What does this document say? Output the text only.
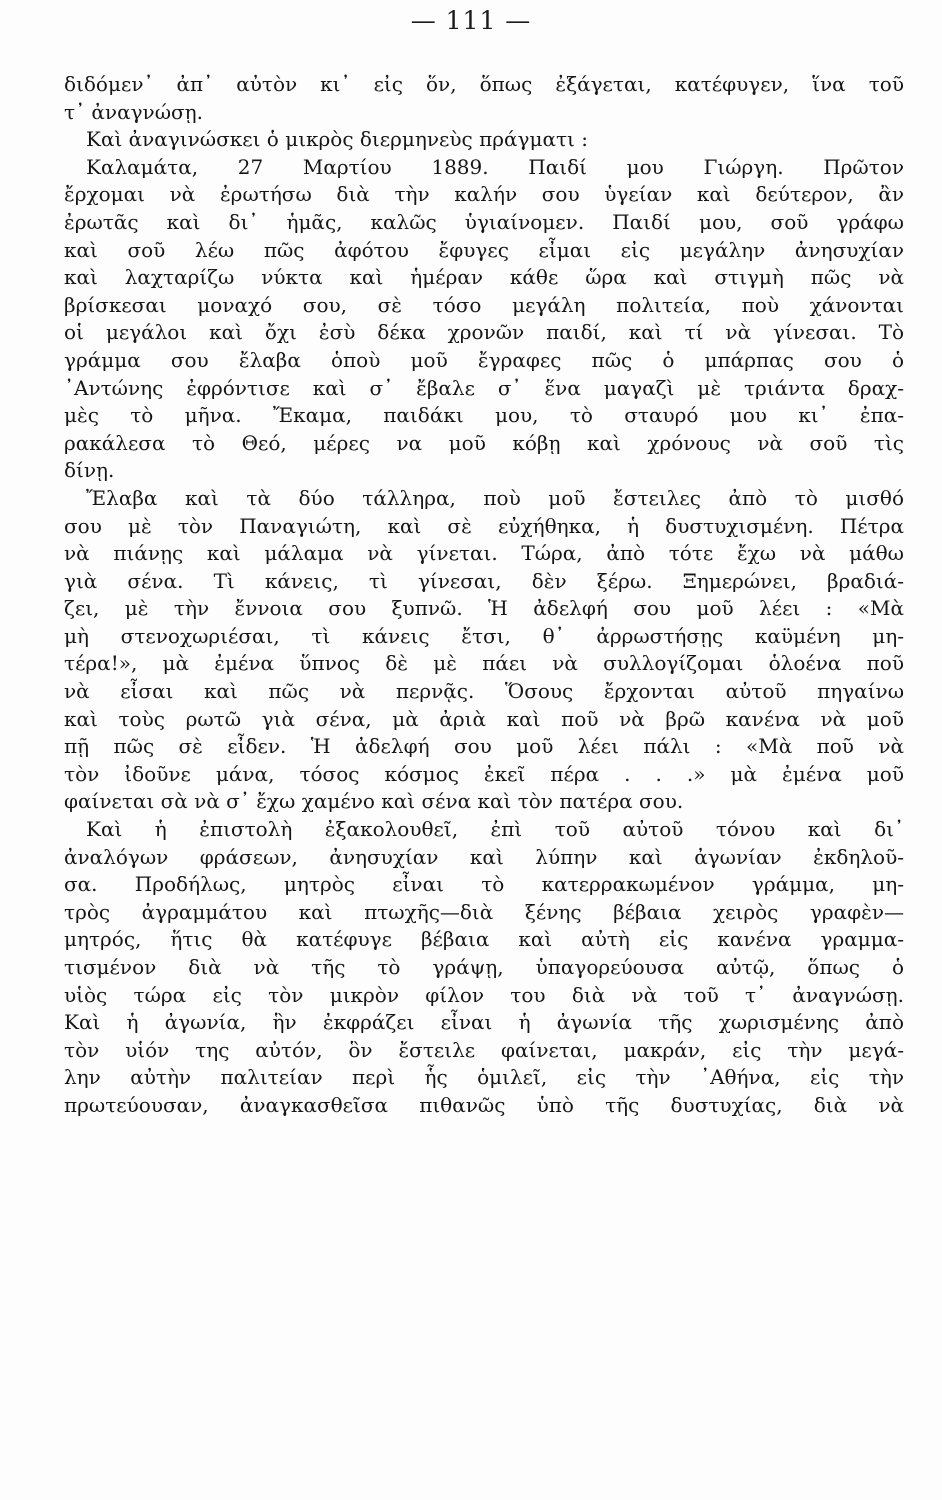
— 111 —
διδόμεν᾽ ἀπ᾽ αὐτὸν κι᾽ εἰς ὅν, ὅπως ἐξάγεται, κατέφυγεν, ἵνα τοῦ
τ᾽ ἀναγνώσῃ.
Καὶ ἀναγινώσκει ὁ μικρὸς διερμηνεὺς πράγματι :
Καλαμάτα, 27 Μαρτίου 1889. Παιδί μου Γιώργη. Πρῶτον
ἔρχομαι νὰ ἐρωτήσω διὰ τὴν καλήν σου ὑγείαν καὶ δεύτερον, ἂν
ἐρωτᾶς καὶ δι᾽ ἡμᾶς, καλῶς ὑγιαίνομεν. Παιδί μου, σοῦ γράφω
καὶ σοῦ λέω πῶς ἀφότου ἔφυγες εἶμαι εἰς μεγάλην ἀνησυχίαν
καὶ λαχταρίζω νύκτα καὶ ἡμέραν κάθε ὥρα καὶ στιγμὴ πῶς νὰ
βρίσκεσαι μοναχό σου, σὲ τόσο μεγάλη πολιτεία, ποὺ χάνονται
οἱ μεγάλοι καὶ ὄχι ἐσὺ δέκα χρονῶν παιδί, καὶ τί νὰ γίνεσαι. Τὸ
γράμμα σου ἔλαβα ὁποὺ μοῦ ἔγραφες πῶς ὁ μπάρπας σου ὁ
᾿Αντώνης ἐφρόντισε καὶ σ᾽ ἔβαλε σ᾽ ἕνα μαγαζὶ μὲ τριάντα δραχ-
μὲς τὸ μῆνα. Ἔκαμα, παιδάκι μου, τὸ σταυρό μου κι᾽ ἐπα-
ρακάλεσα τὸ Θεό, μέρες να μοῦ κόβῃ καὶ χρόνους νὰ σοῦ τὶς
δίνῃ.
Ἔλαβα καὶ τὰ δύο τάλληρα, ποὺ μοῦ ἔστειλες ἀπὸ τὸ μισθό
σου μὲ τὸν Παναγιώτη, καὶ σὲ εὐχήθηκα, ἡ δυστυχισμένη. Πέτρα
νὰ πιάνῃς καὶ μάλαμα νὰ γίνεται. Τώρα, ἀπὸ τότε ἔχω νὰ μάθω
γιὰ σένα. Τὶ κάνεις, τὶ γίνεσαι, δὲν ξέρω. Ξημερώνει, βραδιά-
ζει, μὲ τὴν ἔννοια σου ξυπνῶ. Ἡ ἀδελφή σου μοῦ λέει : «Μὰ
μὴ στενοχωριέσαι, τὶ κάνεις ἔτσι, θ᾽ ἀρρωστήσῃς καϋμένη μη-
τέρα!», μὰ ἐμένα ὕπνος δὲ μὲ πάει νὰ συλλογίζομαι ὁλοένα ποῦ
νὰ εἶσαι καὶ πῶς νὰ περνᾷς. Ὅσους ἔρχονται αὐτοῦ πηγαίνω
καὶ τοὺς ρωτῶ γιὰ σένα, μὰ ἀριὰ καὶ ποῦ νὰ βρῶ κανένα νὰ μοῦ
πῇ πῶς σὲ εἶδεν. Ἡ ἀδελφή σου μοῦ λέει πάλι : «Μὰ ποῦ νὰ
τὸν ἰδοῦνε μάνα, τόσος κόσμος ἐκεῖ πέρα . . .» μὰ ἐμένα μοῦ
φαίνεται σὰ νὰ σ᾽ ἔχω χαμένο καὶ σένα καὶ τὸν πατέρα σου.
Καὶ ἡ ἐπιστολὴ ἐξακολουθεῖ, ἐπὶ τοῦ αὐτοῦ τόνου καὶ δι᾽
ἀναλόγων φράσεων, ἀνησυχίαν καὶ λύπην καὶ ἀγωνίαν ἐκδηλοῦ-
σα. Προδήλως, μητρὸς εἶναι τὸ κατερρακωμένον γράμμα, μη-
τρὸς ἀγραμμάτου καὶ πτωχῆς—διὰ ξένης βέβαια χειρὸς γραφὲν—
μητρός, ἥτις θὰ κατέφυγε βέβαια καὶ αὐτὴ εἰς κανένα γραμμα-
τισμένον διὰ νὰ τῆς τὸ γράψῃ, ὑπαγορεύουσα αὐτῷ, ὅπως ὁ
υἱὸς τώρα εἰς τὸν μικρὸν φίλον του διὰ νὰ τοῦ τ᾽ ἀναγνώσῃ.
Καὶ ἡ ἀγωνία, ἣν ἐκφράζει εἶναι ἡ ἀγωνία τῆς χωρισμένης ἀπὸ
τὸν υἱόν της αὐτόν, ὃν ἔστειλε φαίνεται, μακράν, εἰς τὴν μεγά-
λην αὐτὴν παλιτείαν περὶ ἧς ὁμιλεῖ, εἰς τὴν ᾿Αθήνα, εἰς τὴν
πρωτεύουσαν, ἀναγκασθεῖσα πιθανῶς ὑπὸ τῆς δυστυχίας, διὰ νὰ
